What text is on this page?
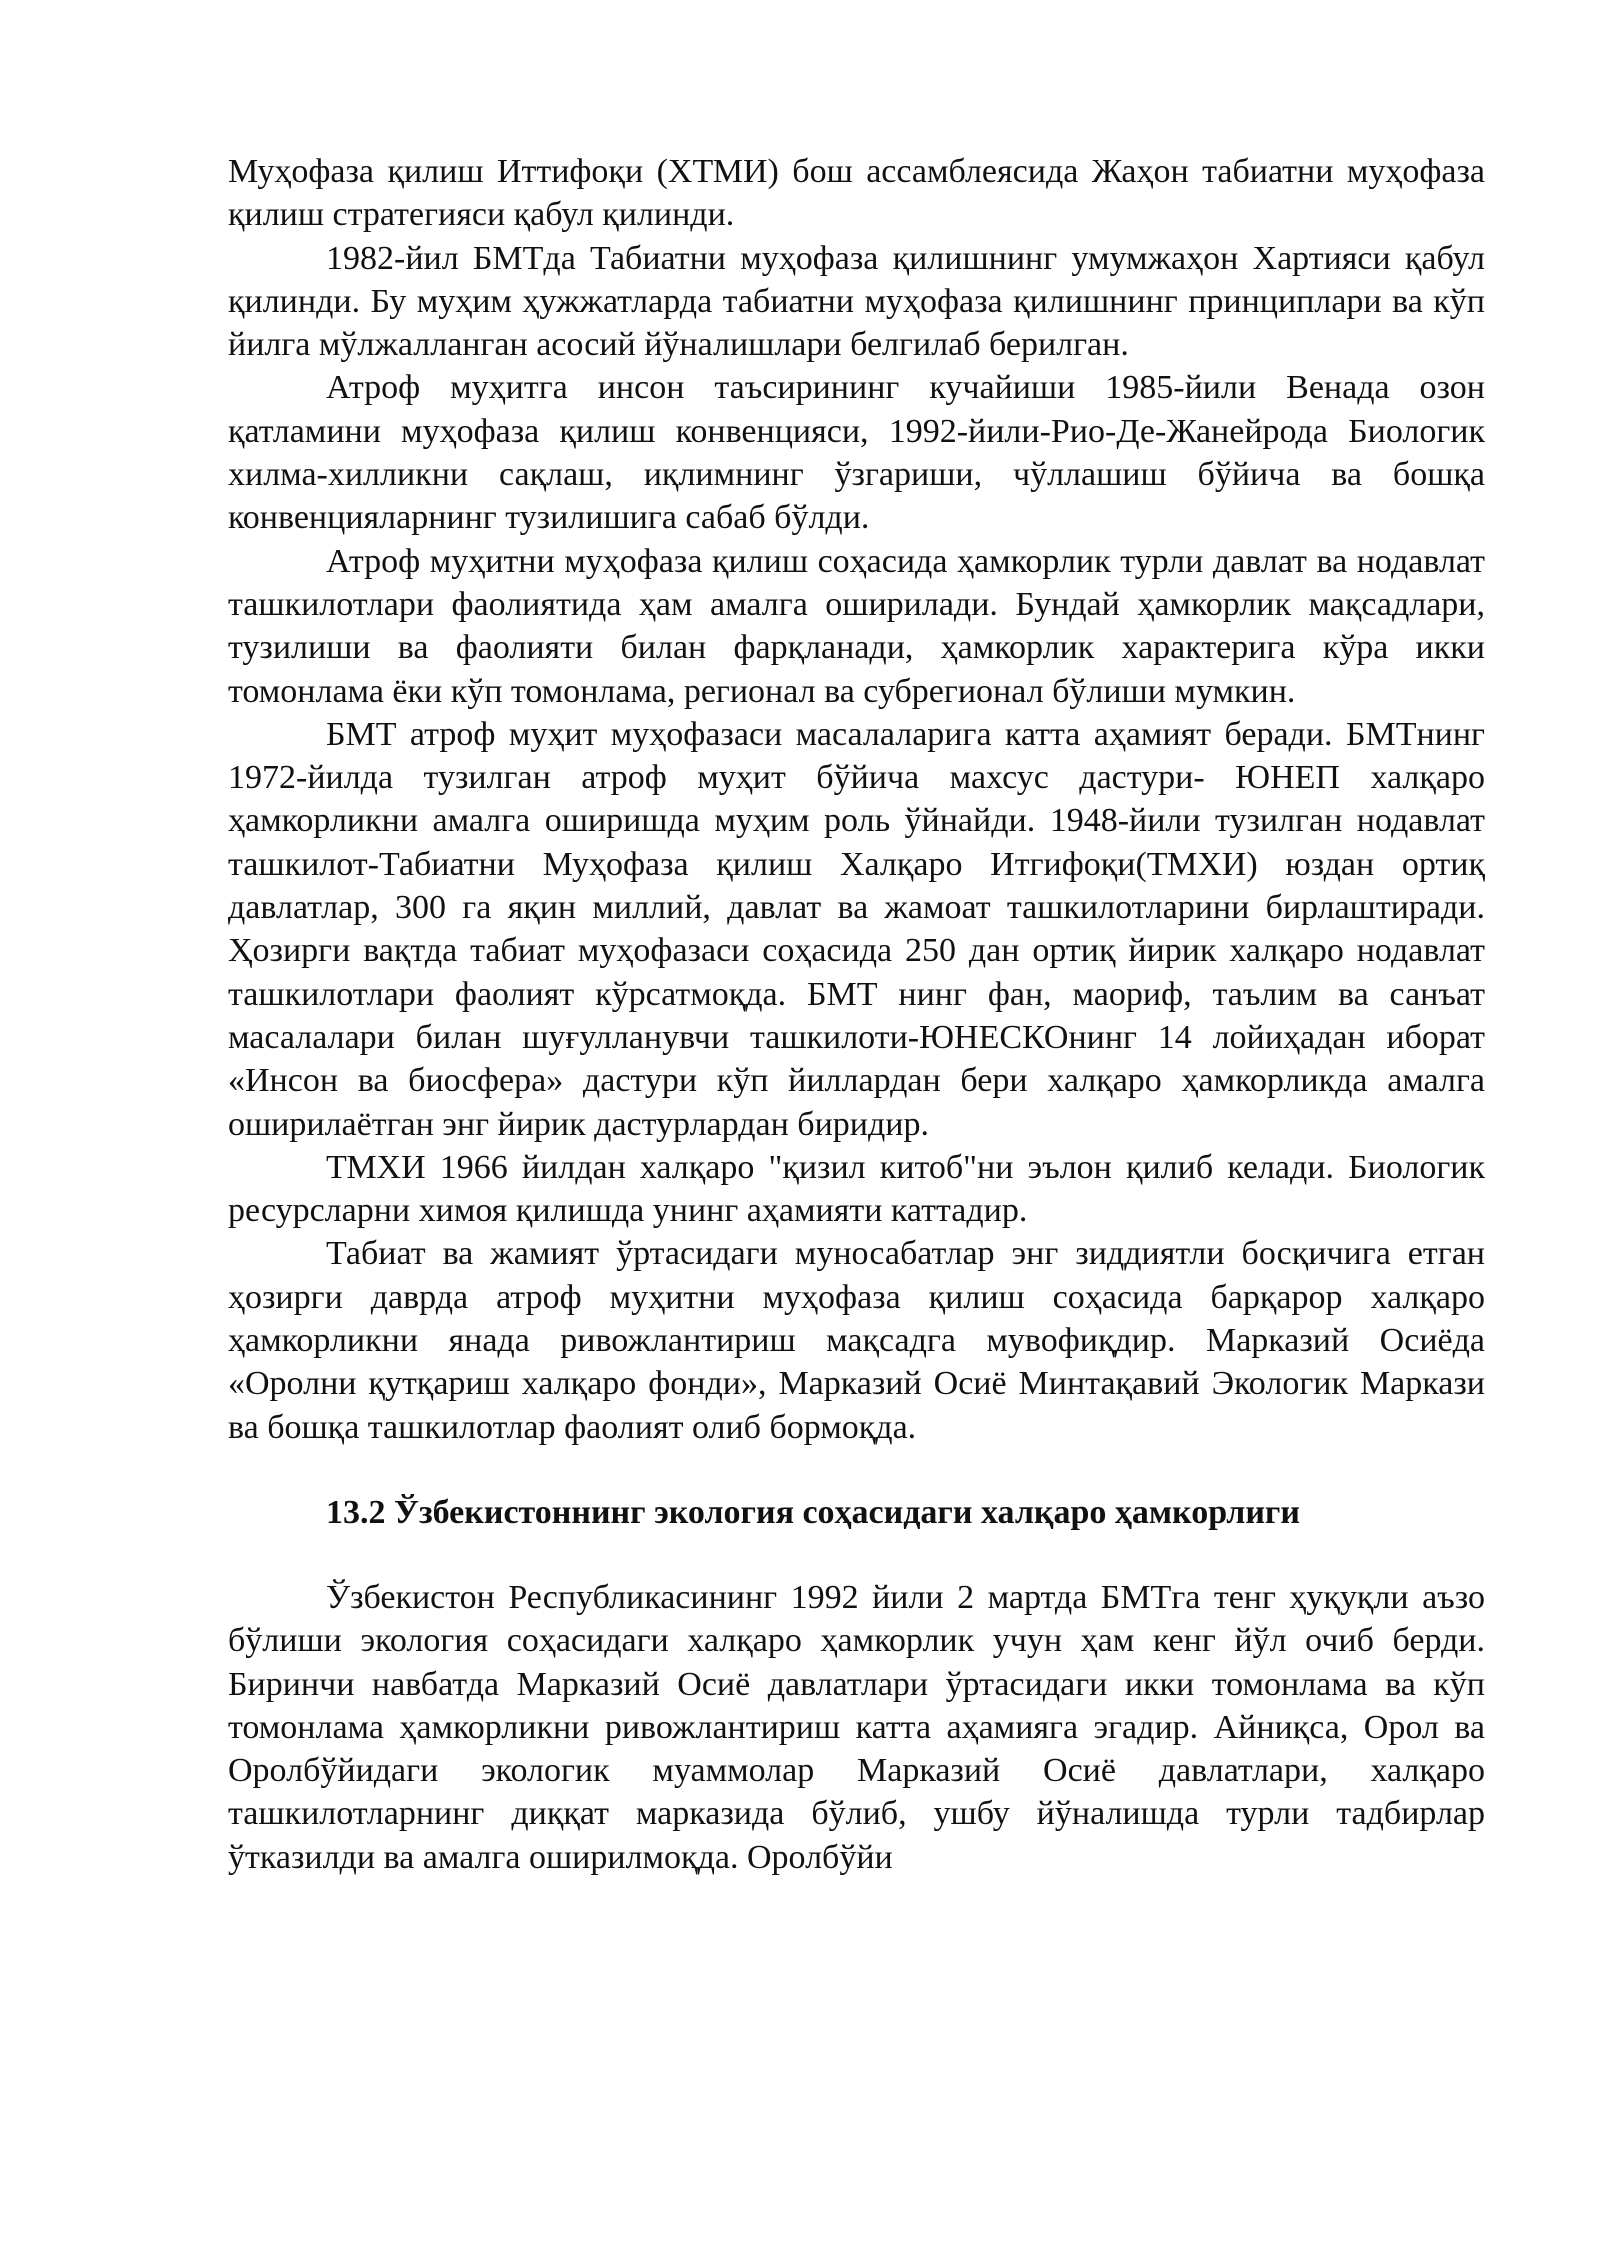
Муҳофаза қилиш Иттифоқи (ХТМИ) бош ассамблеясида Жаҳон табиатни муҳофаза қилиш стратегияси қабул қилинди.

1982-йил БМТда Табиатни муҳофаза қилишнинг умумжаҳон Хартияси қабул қилинди. Бу муҳим ҳужжатларда табиатни муҳофаза қилишнинг принциплари ва кўп йилга мўлжалланган асосий йўналишлари белгилаб берилган.

Атроф муҳитга инсон таъсирининг кучайиши 1985-йили Венада озон қатламини муҳофаза қилиш конвенцияси, 1992-йили-Рио-Де-Жанейрода Биологик хилма-хилликни сақлаш, иқлимнинг ўзгариши, чўллашиш бўйича ва бошқа конвенцияларнинг тузилишига сабаб бўлди.

Атроф муҳитни муҳофаза қилиш соҳасида ҳамкорлик турли давлат ва нодавлат ташкилотлари фаолиятида ҳам амалга оширилади. Бундай ҳамкорлик мақсадлари, тузилиши ва фаолияти билан фарқланади, ҳамкорлик характерига кўра икки томонлама ёки кўп томонлама, регионал ва субрегионал бўлиши мумкин.

БМТ атроф муҳит муҳофазаси масалаларига катта аҳамият беради. БМТнинг 1972-йилда тузилган атроф муҳит бўйича махсус дастури- ЮНЕП халқаро ҳамкорликни амалга оширишда муҳим роль ўйнайди. 1948-йили тузилган нодавлат ташкилот-Табиатни Муҳофаза қилиш Халқаро Итгифоқи(ТМХИ) юздан ортиқ давлатлар, 300 га яқин миллий, давлат ва жамоат ташкилотларини бирлаштиради. Ҳозирги вақтда табиат муҳофазаси соҳасида 250 дан ортиқ йирик халқаро нодавлат ташкилотлари фаолият кўрсатмоқда. БМТ нинг фан, маориф, таълим ва санъат масалалари билан шуғулланувчи ташкилоти-ЮНЕСКОнинг 14 лойиҳадан иборат «Инсон ва биосфера» дастури кўп йиллардан бери халқаро ҳамкорликда амалга оширилаётган энг йирик дастурлардан биридир.

ТМХИ 1966 йилдан халқаро "қизил китоб"ни эълон қилиб келади. Биологик ресурсларни химоя қилишда унинг аҳамияти каттадир.

Табиат ва жамият ўртасидаги муносабатлар энг зиддиятли босқичига етган ҳозирги даврда атроф муҳитни муҳофаза қилиш соҳасида барқарор халқаро ҳамкорликни янада ривожлантириш мақсадга мувофиқдир. Марказий Осиёда «Оролни қутқариш халқаро фонди», Марказий Осиё Минтақавий Экологик Маркази ва бошқа ташкилотлар фаолият олиб бормоқда.

13.2 Ўзбекистоннинг экология соҳасидаги халқаро ҳамкорлиги

Ўзбекистон Республикасининг 1992 йили 2 мартда БМТга тенг ҳуқуқли аъзо бўлиши экология соҳасидаги халқаро ҳамкорлик учун ҳам кенг йўл очиб берди. Биринчи навбатда Марказий Осиё давлатлари ўртасидаги икки томонлама ва кўп томонлама ҳамкорликни ривожлантириш катта аҳамияга эгадир. Айниқса, Орол ва Оролбўйидаги экологик муаммолар Марказий Осиё давлатлари, халқаро ташкилотларнинг диққат марказида бўлиб, ушбу йўналишда турли тадбирлар ўтказилди ва амалга оширилмоқда. Оролбўйи
